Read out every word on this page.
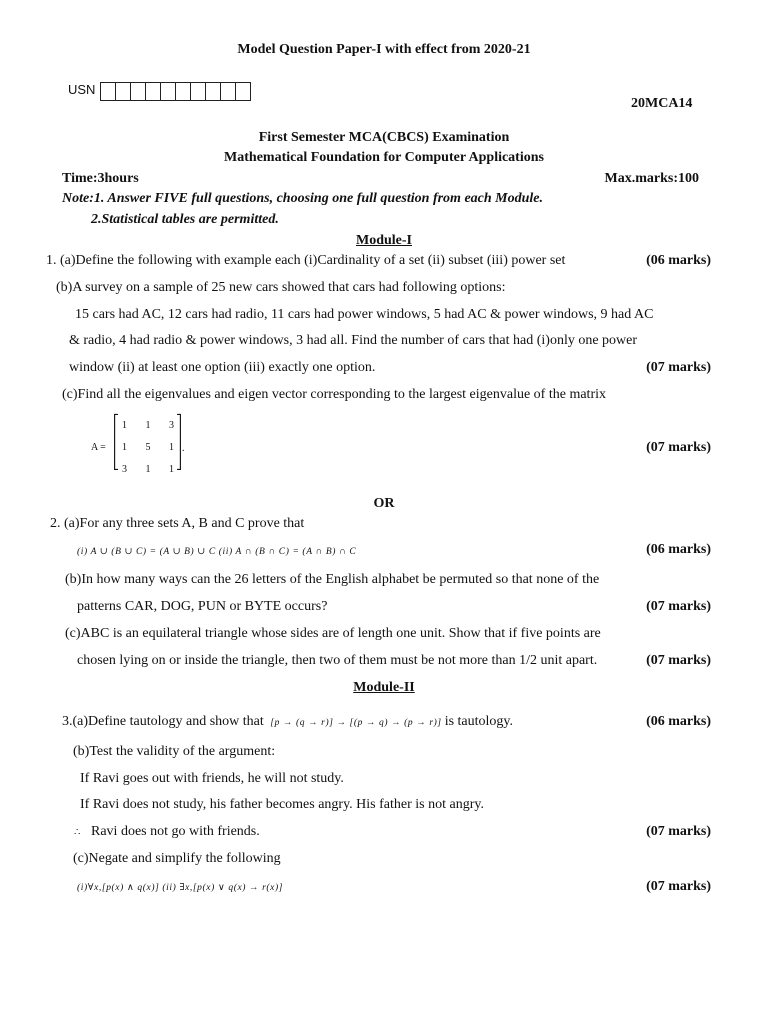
Model Question Paper-I with effect from 2020-21
USN
20MCA14
First Semester MCA(CBCS) Examination
Mathematical Foundation for Computer Applications
Time:3hours	Max.marks:100
Note:1. Answer FIVE full questions, choosing one full question from each Module.
2.Statistical tables are permitted.
Module-I
1. (a)Define the following with example each (i)Cardinality of a set (ii) subset (iii) power set	(06 marks)
(b)A survey on a sample of 25 new cars showed that cars had following options:
15 cars had AC, 12 cars had radio, 11 cars had power windows, 5 had AC & power windows, 9 had AC
& radio, 4 had radio & power windows, 3 had all. Find the number of cars that had (i)only one power
window (ii) at least one option (iii) exactly one option.	(07 marks)
(c)Find all the eigenvalues and eigen vector corresponding to the largest eigenvalue of the matrix
A =
⎡
⎢
⎢
⎣
1 1 3
1 5 1
3 1 1
⎤
⎥
⎥
⎦
.	(07 marks)
OR
2. (a)For any three sets A, B and C prove that
(i) A ∪ (B ∪ C) = (A ∪ B) ∪ C (ii) A ∩ (B ∩ C) = (A ∩ B) ∩ C	(06 marks)
(b)In how many ways can the 26 letters of the English alphabet be permuted so that none of the
patterns CAR, DOG, PUN or BYTE occurs?	(07 marks)
(c)ABC is an equilateral triangle whose sides are of length one unit. Show that if five points are
chosen lying on or inside the triangle, then two of them must be not more than 1/2 unit apart.	(07 marks)
Module-II
3.(a)Define tautology and show that [p → (q → r)] → [(p → q) → (p → r)] is tautology.	(06 marks)
(b)Test the validity of the argument:
If Ravi goes out with friends, he will not study.
If Ravi does not study, his father becomes angry. His father is not angry.
∴ Ravi does not go with friends.	(07 marks)
(c)Negate and simplify the following
(i)∀x,[p(x) ∧ q(x)] (ii) ∃x,[p(x) ∨ q(x) → r(x)]	(07 marks)
